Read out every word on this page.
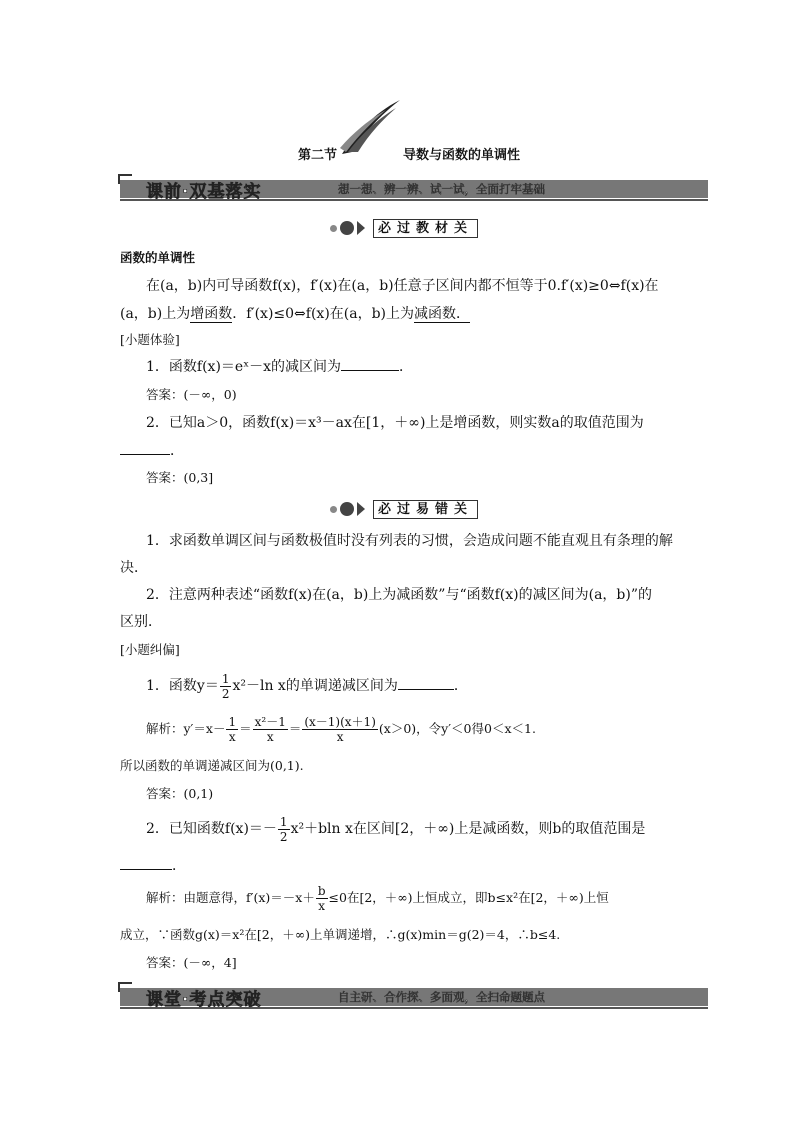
第二节	导数与函数的单调性
课前·双基落实	想一想、辨一辨、试一试，全面打牢基础
必过教材关
函数的单调性
在(a，b)内可导函数f(x)，f′(x)在(a，b)任意子区间内都不恒等于0.f′(x)≥0⇔f(x)在
(a，b)上为增函数．f′(x)≤0⇔f(x)在(a，b)上为减函数．
[小题体验]
1．函数f(x)＝eˣ－x的减区间为	．
答案：(－∞，0)
2．已知a＞0，函数f(x)＝x³－ax在[1，＋∞)上是增函数，则实数a的取值范围为
．
答案：(0,3]
必过易错关
1．求函数单调区间与函数极值时没有列表的习惯，会造成问题不能直观且有条理的解
决．
2．注意两种表述“函数f(x)在(a，b)上为减函数”与“函数f(x)的减区间为(a，b)”的
区别．
[小题纠偏]
1．函数$y= \frac{1}{2} x^2-\ln$ x的单调递减区间为	．
解析：$y'=x- \frac{1}{x} = \frac{\text{x²－1}}{x} = \frac{(x-1)(x+1)}{x} (x>0)$，令y′＜0得0＜x＜1.
所以函数的单调递减区间为(0,1).
答案：(0,1)
2．已知函数$f(x)=- \frac{1}{2} x^2+bln$ x在区间[2，＋∞)上是减函数，则b的取值范围是
．
解析：由题意得，$f'(x)=-x+ \frac{b}{x} \le 0$在[2，＋∞)上恒成立，即b≤x²在[2，＋∞)上恒
成立，∵函数g(x)＝x²在[2，＋∞)上单调递增，∴g(x)min＝g(2)＝4，∴b≤4.
答案：(－∞，4]
课堂·考点突破	自主研、合作探、多面观，全扫命题题点
